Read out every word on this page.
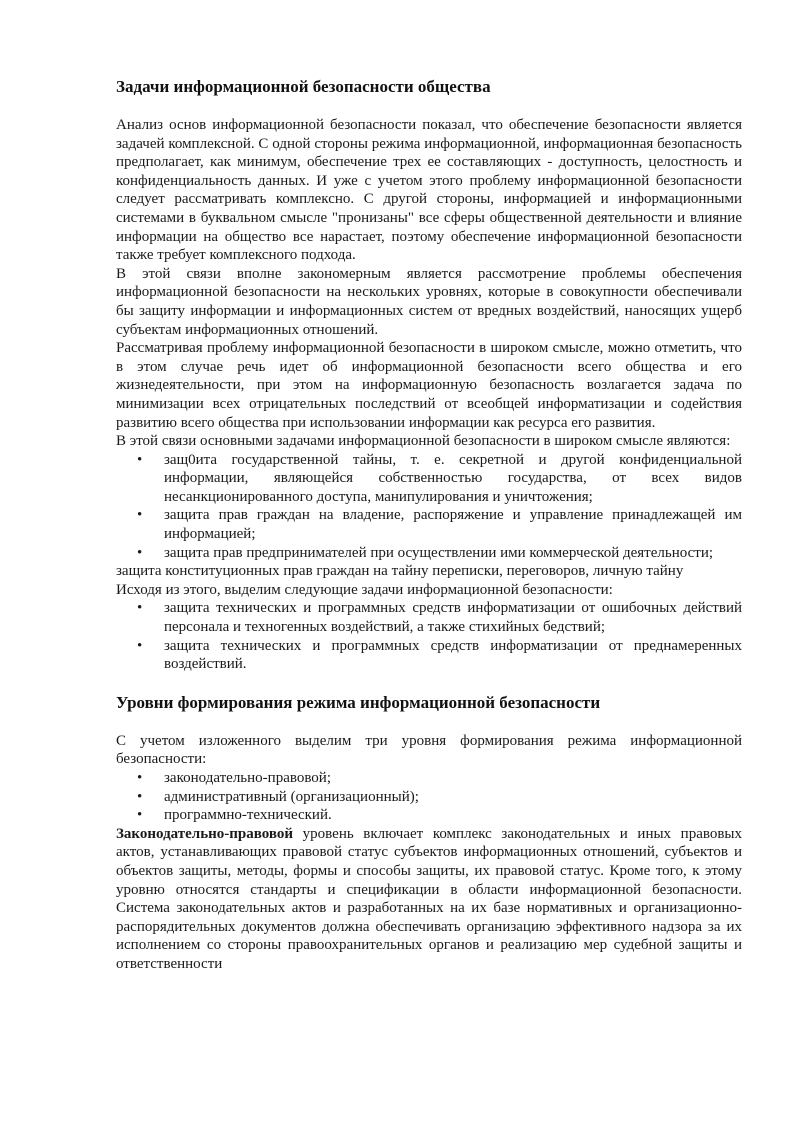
Задачи информационной безопасности общества

Анализ основ информационной безопасности показал, что обеспечение безопасности является задачей комплексной. С одной стороны режима информационной, информационная безопасность предполагает, как минимум, обеспечение трех ее составляющих - доступность, целостность и конфиденциальность данных. И уже с учетом этого проблему информационной безопасности следует рассматривать комплексно. С другой стороны, информацией и информационными системами в буквальном смысле "пронизаны" все сферы общественной деятельности и влияние информации на общество все нарастает, поэтому обеспечение информационной безопасности также требует комплексного подхода.

В этой связи вполне закономерным является рассмотрение проблемы обеспечения информационной безопасности на нескольких уровнях, которые в совокупности обеспечивали бы защиту информации и информационных систем от вредных воздействий, наносящих ущерб субъектам информационных отношений.

Рассматривая проблему информационной безопасности в широком смысле, можно отметить, что в этом случае речь идет об информационной безопасности всего общества и его жизнедеятельности, при этом на информационную безопасность возлагается задача по минимизации всех отрицательных последствий от всеобщей информатизации и содействия развитию всего общества при использовании информации как ресурса его развития.

В этой связи основными задачами информационной безопасности в широком смысле являются:

• защ0ита государственной тайны, т. е. секретной и другой конфиденциальной информации, являющейся собственностью государства, от всех видов несанкционированного доступа, манипулирования и уничтожения;
• защита прав граждан на владение, распоряжение и управление принадлежащей им информацией;
• защита прав предпринимателей при осуществлении ими коммерческой деятельности;

защита конституционных прав граждан на тайну переписки, переговоров, личную тайну

Исходя из этого, выделим следующие задачи информационной безопасности:

• защита технических и программных средств информатизации от ошибочных действий персонала и техногенных воздействий, а также стихийных бедствий;
• защита технических и программных средств информатизации от преднамеренных воздействий.
Уровни формирования режима информационной безопасности

С учетом изложенного выделим три уровня формирования режима информационной безопасности:

• законодательно-правовой;
• административный (организационный);
• программно-технический.

Законодательно-правовой уровень включает комплекс законодательных и иных правовых актов, устанавливающих правовой статус субъектов информационных отношений, субъектов и объектов защиты, методы, формы и способы защиты, их правовой статус. Кроме того, к этому уровню относятся стандарты и спецификации в области информационной безопасности. Система законодательных актов и разработанных на их базе нормативных и организационно-распорядительных документов должна обеспечивать организацию эффективного надзора за их исполнением со стороны правоохранительных органов и реализацию мер судебной защиты и ответственности
